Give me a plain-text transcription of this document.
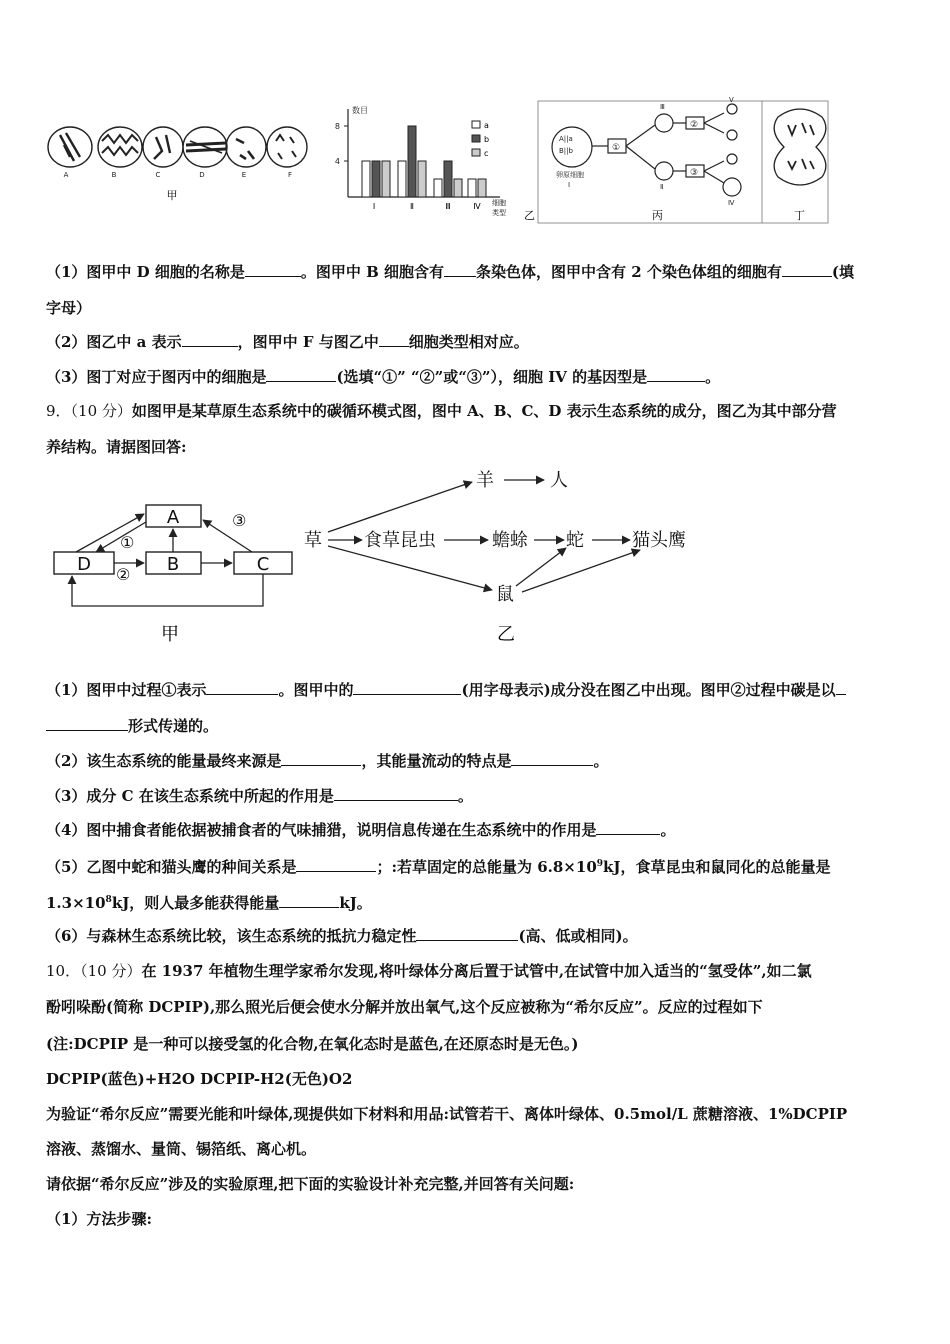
A	B	C	D	E	F
甲
数目
8
4
Ⅰ	Ⅱ	Ⅲ	Ⅳ 细胞
类型
a
b
c
乙
A||a
B||b
卵原细胞
Ⅰ
①
②
③
Ⅲ
Ⅱ
Ⅴ
Ⅳ
丙	丁
（1）图甲中 D 细胞的名称是	。图甲中 B 细胞含有 条染色体，图甲中含有 2 个染色体组的细胞有	(填
字母）
（2）图乙中 a 表示	，图甲中 F 与图乙中 细胞类型相对应。
（3）图丁对应于图丙中的细胞是	(选填“①” “②”或“③”），细胞 IV 的基因型是	。
9．（10 分）如图甲是某草原生态系统中的碳循环模式图，图中 A、B、C、D 表示生态系统的成分，图乙为其中部分营
养结构。请据图回答:
A
D	B	C
①
②
③
甲
羊	人
草 食草昆虫	蟾蜍 蛇	猫头鹰
鼠
乙
（1）图甲中过程①表示	。图甲中的	(用字母表示)成分没在图乙中出现。图甲②过程中碳是以
形式传递的。
（2）该生态系统的能量最终来源是	，其能量流动的特点是	。
（3）成分 C 在该生态系统中所起的作用是	。
（4）图中捕食者能依据被捕食者的气味捕猎，说明信息传递在生态系统中的作用是	。
（5）乙图中蛇和猫头鹰的种间关系是	；:若草固定的总能量为 $6.8\times 10^9kJ$，食草昆虫和鼠同化的总能量是
$1.3\times 10^8kJ$，则人最多能获得能量	kJ。
（6）与森林生态系统比较，该生态系统的抵抗力稳定性	(高、低或相同)。
10．（10 分）在 1937 年植物生理学家希尔发现,将叶绿体分离后置于试管中,在试管中加入适当的“氢受体”,如二氯
酚吲哚酚(简称 DCPIP),那么照光后便会使水分解并放出氧气,这个反应被称为“希尔反应”。反应的过程如下
(注:DCPIP 是一种可以接受氢的化合物,在氧化态时是蓝色,在还原态时是无色。)
DCPIP(蓝色)+H2O DCPIP-H2(无色)O2
为验证“希尔反应”需要光能和叶绿体,现提供如下材料和用品:试管若干、离体叶绿体、0.5mol/L 蔗糖溶液、1%DCPIP
溶液、蒸馏水、量筒、锡箔纸、离心机。
请依据“希尔反应”涉及的实验原理,把下面的实验设计补充完整,并回答有关问题:
（1）方法步骤:
